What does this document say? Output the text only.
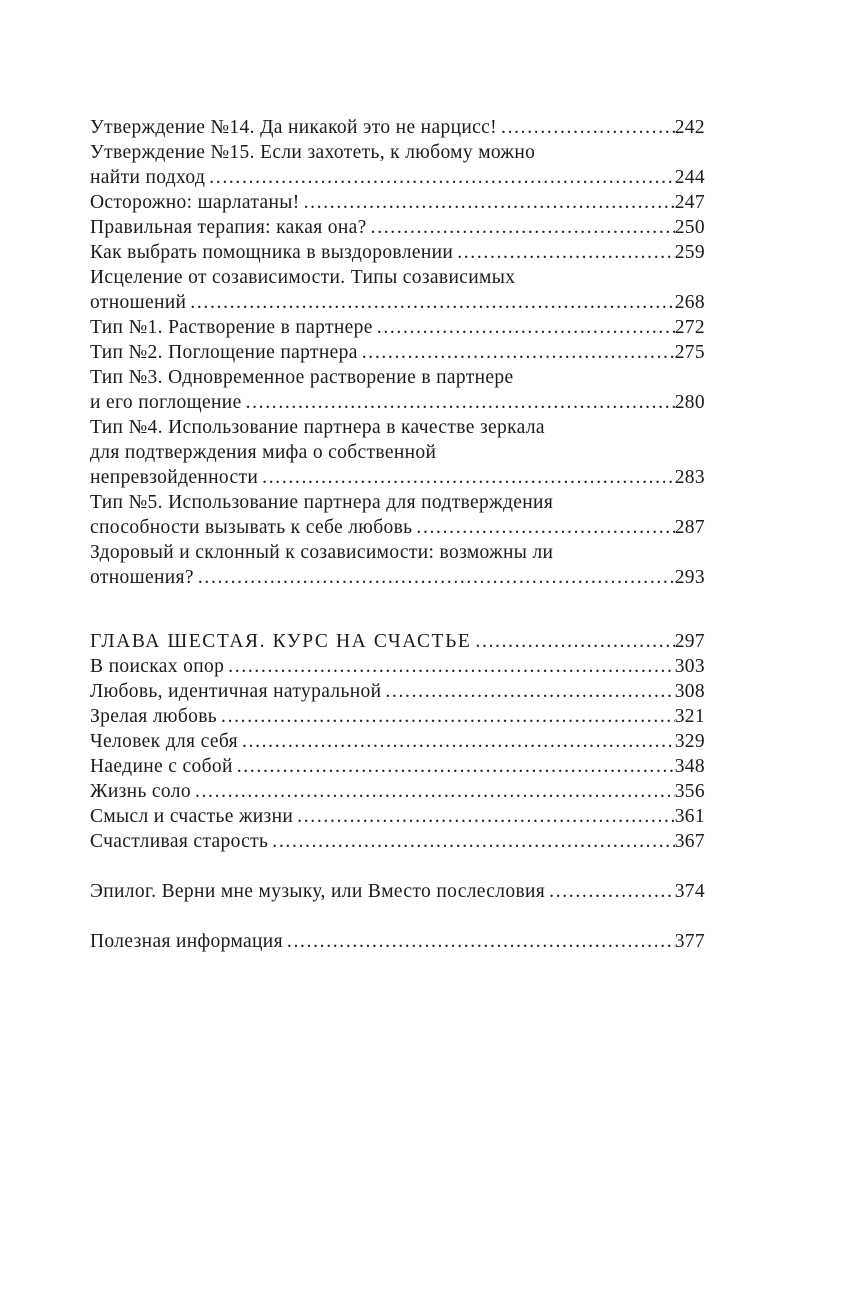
Утверждение №14. Да никакой это не нарцисс! . . .	242
Утверждение №15. Если захотеть, к любому можно
найти подход . . .	244
Осторожно: шарлатаны! . . .	247
Правильная терапия: какая она? . . .	250
Как выбрать помощника в выздоровлении . . .	259
Исцеление от созависимости. Типы созависимых
отношений . . .	268
Тип №1. Растворение в партнере . . .	272
Тип №2. Поглощение партнера . . .	275
Тип №3. Одновременное растворение в партнере
и его поглощение . . .	280
Тип №4. Использование партнера в качестве зеркала
для подтверждения мифа о собственной
непревзойденности . . .	283
Тип №5. Использование партнера для подтверждения
способности вызывать к себе любовь . . .	287
Здоровый и склонный к созависимости: возможны ли
отношения? . . .	293
ГЛАВА ШЕСТАЯ. КУРС НА СЧАСТЬЕ . . .	297
В поисках опор . . .	303
Любовь, идентичная натуральной . . .	308
Зрелая любовь . . .	321
Человек для себя . . .	329
Наедине с собой . . .	348
Жизнь соло . . .	356
Смысл и счастье жизни . . .	361
Счастливая старость . . .	367
Эпилог. Верни мне музыку, или Вместо послесловия . . .	374
Полезная информация . . .	377
